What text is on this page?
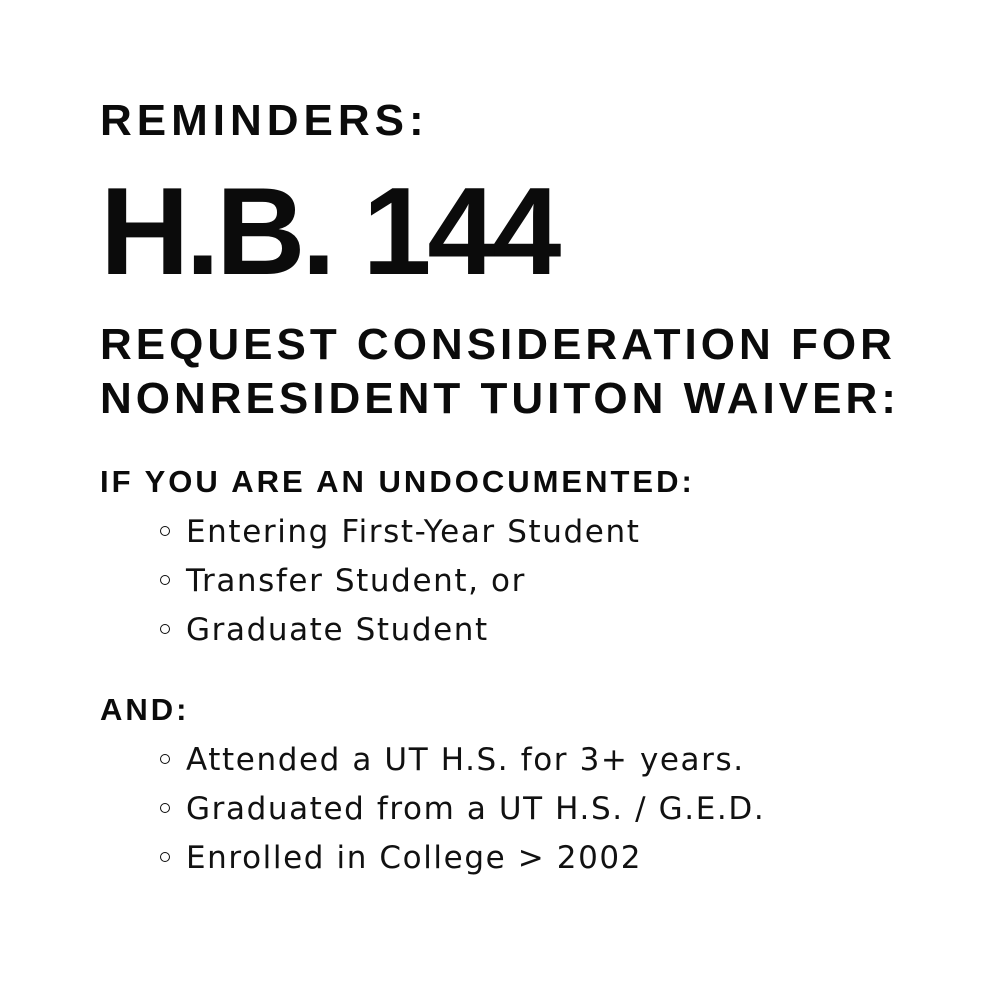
REMINDERS:
H.B. 144
REQUEST CONSIDERATION FOR
NONRESIDENT TUITON WAIVER:
IF YOU ARE AN UNDOCUMENTED:
Entering First-Year Student
Transfer Student, or
Graduate Student
AND:
Attended a UT H.S. for 3+ years.
Graduated from a UT H.S. / G.E.D.
Enrolled in College > 2002
